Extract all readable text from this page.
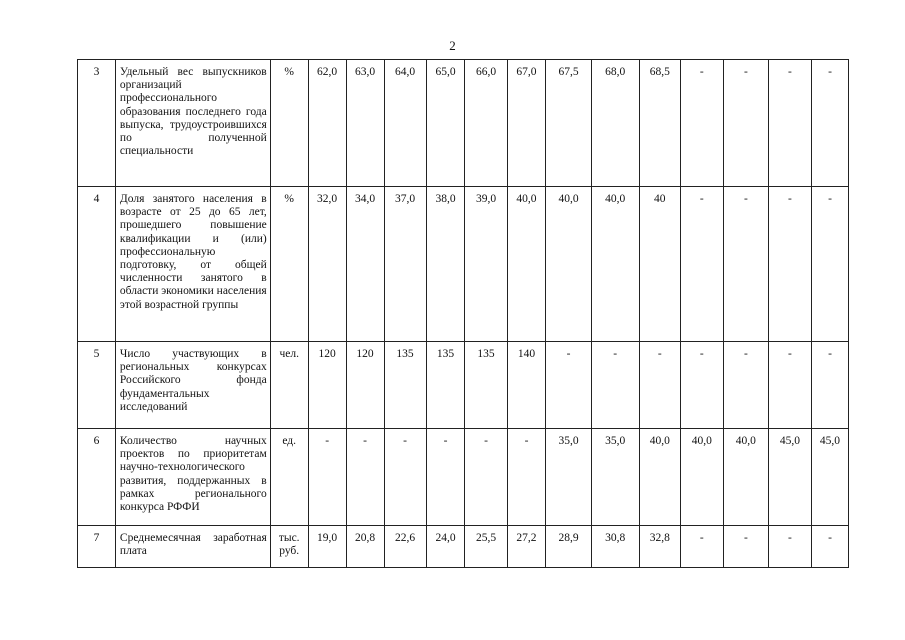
2
3	Удельный вес выпускников организаций профессионального образования последнего года выпуска, трудоустроившихся по полученной специальности	%	62,0	63,0	64,0	65,0	66,0	67,0	67,5	68,0	68,5	-	-	-	-
4	Доля занятого населения в возрасте от 25 до 65 лет, прошедшего повышение квалификации и (или) профессиональную подготовку, от общей численности занятого в области экономики населения этой возрастной группы	%	32,0	34,0	37,0	38,0	39,0	40,0	40,0	40,0	40	-	-	-	-
5	Число участвующих в региональных конкурсах Российского фонда фундаментальных исследований	чел.	120	120	135	135	135	140	-	-	-	-	-	-	-
6	Количество научных проектов по приоритетам научно-технологического развития, поддержанных в рамках регионального конкурса РФФИ	ед.	-	-	-	-	-	-	35,0	35,0	40,0	40,0	40,0	45,0	45,0
7	Среднемесячная заработная плата	тыс. руб.	19,0	20,8	22,6	24,0	25,5	27,2	28,9	30,8	32,8	-	-	-	-
